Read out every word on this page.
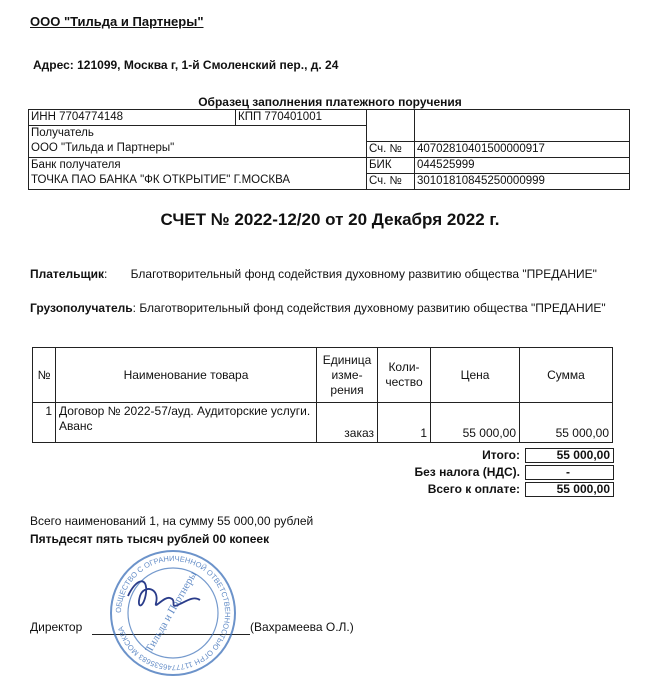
ООО "Тильда и Партнеры"
Адрес: 121099, Москва г, 1-й Смоленский пер., д. 24
Образец заполнения платежного поручения
ИНН 7704774148	КПП 770401001		
Получатель			
ООО "Тильда и Партнеры"		Сч. №	40702810401500000917
Банк получателя		БИК	044525999
ТОЧКА ПАО БАНКА "ФК ОТКРЫТИЕ" Г.МОСКВА		Сч. №	30101810845250000999
СЧЕТ № 2022-12/20 от 20 Декабря 2022 г.
Плательщик:       Благотворительный фонд содействия духовному развитию общества "ПРЕДАНИЕ"
Грузополучатель: Благотворительный фонд содействия духовному развитию общества "ПРЕДАНИЕ"
№	Наименование товара	Единица изме-рения	Коли-чество	Цена	Сумма
1	Договор № 2022-57/ауд. Аудиторские услуги. Аванс	заказ	1	55 000,00	55 000,00
Итого:	55 000,00
Без налога (НДС).	-
Всего к оплате:	55 000,00
Всего наименований 1, на сумму 55 000,00 рублей
Пятьдесят пять тысяч рублей 00 копеек
Директор	(Вахрамеева О.Л.)
ОБЩЕСТВО С ОГРАНИЧЕННОЙ ОТВЕТСТВЕННОСТЬЮ ОГРН 1177746535683 МОСКВА	Тильда и Партнеры
